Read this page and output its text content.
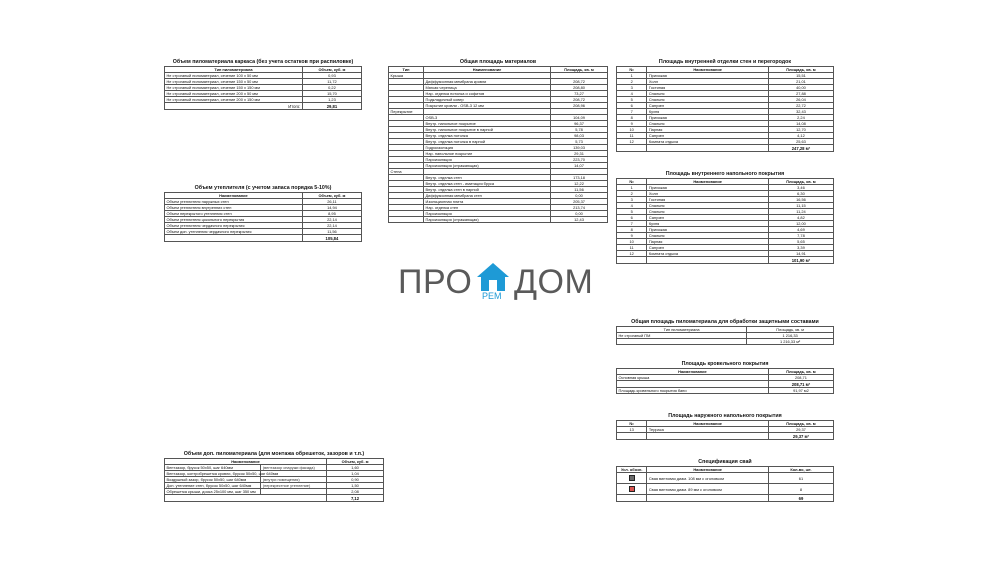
Объем пиломатериала каркаса (без учета остатков при распиловке)
Тип пиломатериала	Объем, куб. м
Не строганый пиломатериал, сечение 100 х 50 мм	0,93
Не строганый пиломатериал, сечение 150 х 50 мм	11,72
Не строганый пиломатериал, сечение 150 х 150 мм	0,22
Не строганый пиломатериал, сечение 200 х 50 мм	15,70
Не строганый пиломатериал, сечение 200 х 150 мм	1,23
Итого:	29,81
Объем утеплителя (с учетом запаса порядка 5-10%)
Наименование	Объем, куб. м
Объем утеплителя наружных стен	26,11
Объем утеплителя внутренних стен	14,94
Объем перекрытого утепления стен	8,95
Объем утеплителя цокольного перекрытия	22,14
Объем утеплителя чердачного перекрытия	22,14
Объем доп. утепления чердачного перекрытия	11,56
	105,84
Общая площадь материалов
Тип	Наименование	Площадь, кв. м
Крыша		
	Диффузионная мембрана кровли	208,72
	Мягкая черепица	208,80
	Нар. отделка потолка и софитов	73,27
	Подкладочный ковер	208,72
	Покрытие кровли - OSB-3 12 мм	208,96
Перекрытие		
	OSB-3	104,09
	Внутр. напольное покрытие	96,37
	Внутр. напольное покрытие в парной	5,78
	Внутр. отделка потолка	98,03
	Внутр. отделка потолка в парной	5,73
	Гидроизоляция	139,03
	Нар. напольное покрытие	29,31
	Пароизоляция	223,70
	Пароизоляция (отражающая)	14,07
Стена		
	Внутр. отделка стен	173,18
	Внутр. отделка стен - имитация бруса	12,22
	Внутр. отделка стен в парной	11,56
	Диффузионная мембрана стен	0,00
	Изоляционная плита	205,37
	Нар. отделка стен	213,74
	Пароизоляция	0,00
	Пароизоляция (отражающая)	12,43
Площадь внутренней отделки стен и перегородок
№	Наименование	Площадь, кв. м
1	Прихожая	15,51
2	Холл	21,01
3	Гостиная	40,00
4	Спальня	27,88
5	Спальня	26,04
6	Санузел	22,72
7	Кухня	32,43
8	Прихожая	2,24
9	Спальня	14,08
10	Парная	12,70
11	Санузел	4,12
12	Комната отдыха	25,63
		247,28 м²
Площадь внутреннего напольного покрытия
№	Наименование	Площадь, кв. м
1	Прихожая	3,46
2	Холл	6,30
3	Гостиная	16,56
4	Спальня	11,15
5	Спальня	11,24
6	Санузел	4,82
7	Кухня	12,00
8	Прихожая	4,69
9	Спальня	7,78
10	Парная	5,65
11	Санузел	3,39
12	Комната отдыха	14,91
		101,90 м²
ПРО РЕМ ДОМ
Общая площадь пиломатериала для обработки защитными составами
Тип пиломатериала	Площадь, кв. м
Не строганый ПМ	1 216,33
	1 216,33 м²
Площадь кровельного покрытия
Наименование	Площадь, кв. м
Основная крыша	208,71
	208,71 м²
Площадь кровельного покрытия бани	91,97 м2
Площадь наружного напольного покрытия
№	Наименование	Площадь, кв. м
13	Терраса	29,37
		29,37 м²
Объем доп. пиломатериала (для монтажа обрешеток, зазоров и т.п.)
Наименование		Объем, куб. м
Вентзазор, брусок 50х50, шаг 640мм	(вентзазор снаружи фасада)	1,60
Вентзазор, контробрешетка кровли, брусок 50х50, шаг 640мм		1,04
Воздушный зазор, брусок 50х50, шаг 640мм	(внутри помещения)	0,90
Доп. утепление стен, брусок 50х50, шаг 640мм	(перекрестное утепление)	1,50
Обрешетка крыши, доска 25х100 мм, шаг 350 мм		2,08
		7,12
Спецификация свай
Усл. обозн.	Наименование	Кол-во, шт.
	Свая винтовая диам. 108 мм с оголовком	61
	Свая винтовая диам. 89 мм с оголовком	8
		69
